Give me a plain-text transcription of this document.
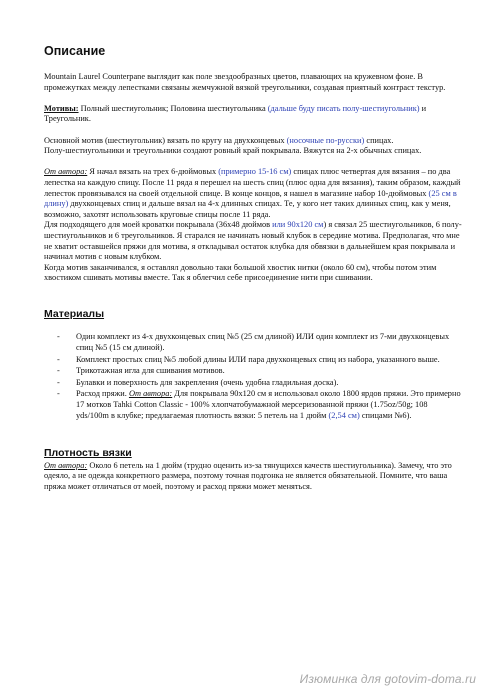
Описание

Mountain Laurel Counterpane выглядит как поле звездообразных цветов, плавающих на кружевном фоне. В промежутках между лепестками связаны жемчужной вязкой треугольники, создавая приятный контраст текстур.

Мотивы: Полный шестиугольник; Половина шестиугольника (дальше буду писать полу-шестиугольник) и Треугольник.

Основной мотив (шестиугольник) вязать по кругу на двухконцевых (носочные по-русски) спицах.

Полу-шестиугольники и треугольники создают ровный край покрывала. Вяжутся на 2-х обычных спицах.

От автора: Я начал вязать на трех 6-дюймовых (примерно 15-16 см) спицах плюс четвертая для вязания – по два лепестка на каждую спицу. После 11 ряда я перешел на шесть спиц (плюс одна для вязания), таким образом, каждый лепесток провязывался на своей отдельной спице. В конце концов, я нашел в магазине набор 10-дюймовых (25 см в длину) двухконцевых спиц и дальше вязал на 4-х длинных спицах. Те, у кого нет таких длинных спиц, как у меня, возможно, захотят использовать круговые спицы после 11 ряда.

Для подходящего для моей кроватки покрывала (36х48 дюймов или 90х120 см) я связал 25 шестиугольников, 6 полу-шестиугольников и 6 треугольников. Я старался не начинать новый клубок в середине мотива. Предполагая, что мне не хватит оставшейся пряжи для мотива, я откладывал остаток клубка для обвязки в дальнейшем края покрывала и начинал мотив с новым клубком.

Когда мотив заканчивался, я оставлял довольно таки большой хвостик нитки (около 60 см), чтобы потом этим хвостиком сшивать мотивы вместе. Так я облегчил себе присоединение нити при сшивании.

Материалы
- Один комплект из 4-х двухконцевых спиц №5 (25 см длиной) ИЛИ один комплект из 7-ми двухконцевых спиц №5 (15 см длиной).
- Комплект простых спиц №5 любой длины ИЛИ пара двухконцевых спиц из набора, указанного выше.
- Трикотажная игла для сшивания мотивов.
- Булавки и поверхность для закрепления (очень удобна гладильная доска).
- Расход пряжи. От автора: Для покрывала 90х120 см я использовал около 1800 ярдов пряжи. Это примерно 17 мотков Tahki Cotton Classic - 100% хлопчатобумажной мерсеризованной пряжи (1.75oz/50g; 108 yds/100m в клубке; предлагаемая плотность вязки: 5 петель на 1 дюйм (2,54 см) спицами №6).
Плотность вязки

От автора: Около 6 петель на 1 дюйм (трудно оценить из-за тянущихся качеств шестиугольника). Замечу, что это одеяло, а не одежда конкретного размера, поэтому точная подгонка не является обязательной. Помните, что ваша пряжа может отличаться от моей, поэтому и расход пряжи может меняться.

Изюминка для gotovim-doma.ru
